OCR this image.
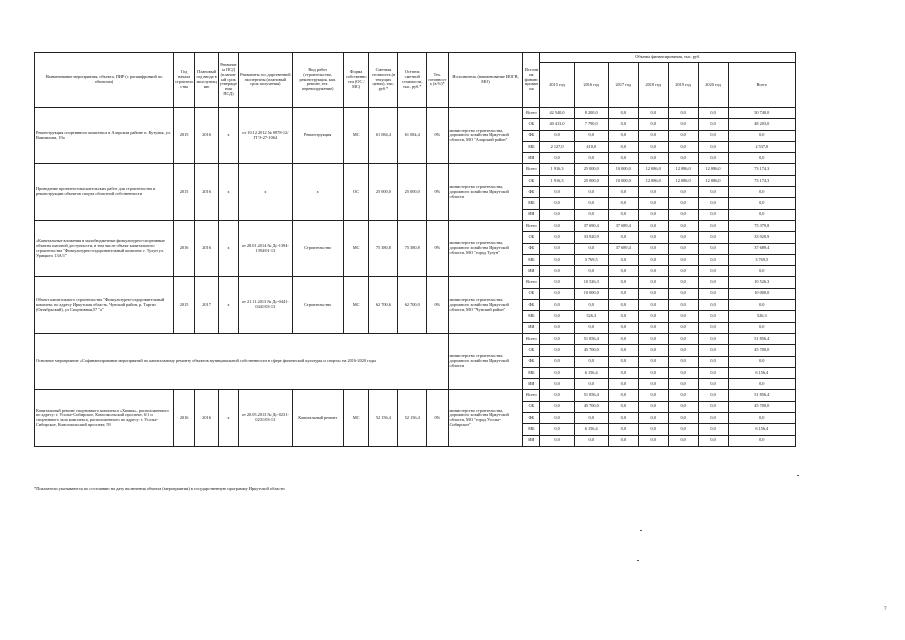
Наименование мероприятия, объекта, ПИР (с расшифровкой по объектам)	Год начала строительства	Плановый год ввода в эксплуатацию	Реквизиты ПСД (планов-ый срок утверждения ПСД)	Реквизиты гос.дарственной экспертизы (плановый срок получения)	Вид работ (строительство, реконструкция, кап. ремонт, тех. перевооружение)	Форма собственности (ОС / МС)	Сметная стоимость (в текущих ценах), тыс. руб.*	Остаток сметной стоимости, тыс. руб.*	Тех. готовность (в %)*	Исполнитель (наименование ИОГВ, МО)	Источник финансирования	Объемы финансирования, тыс. руб.						
												2015 год	2016 год	2017 год	2018 год	2019 год	2020 год	Всего
Реконструкция спортивного комплекса в Аларском районе п. Кутулик, ул. Вампилова, 19а	2015	2016	x	от 10.12.2012 № 0878-12/ГГЭ-27-1064	Реконструкция	МС	61 084,4	61 084,4	0%	министерство строительства, дорожного хозяйства Иркутской области, МО "Аларский район"	Всего	42 540,0	8 200,0	0,0	0,0	0,0	0,0	50 740,0
											ОБ	40 413,0	7 790,0	0,0	0,0	0,0	0,0	48 203,0
											ФБ	0,0	0,0	0,0	0,0	0,0	0,0	0,0
											МБ	2 127,0	410,0	0,0	0,0	0,0	0,0	2 537,0
											ИИ	0,0	0,0	0,0	0,0	0,0	0,0	0,0
Проведение проектно-изыскательских работ для строительства и реконструкции объектов спорта областной собственности	2015	2016	x	x	x	ОС	25 000,0	25 000,0	0%	министерство строительства, дорожного хозяйства Иркутской области	Всего	1 916,3	25 000,0	10 000,0	12 086,0	12 086,0	12 086,0	73 174,3
											ОБ	1 916,3	25 000,0	10 000,0	12 086,0	12 086,0	12 086,0	73 174,3
											ФБ	0,0	0,0	0,0	0,0	0,0	0,0	0,0
											МБ	0,0	0,0	0,0	0,0	0,0	0,0	0,0
											ИИ	0,0	0,0	0,0	0,0	0,0	0,0	0,0
«Капитальные вложения в малобюджетные физкультурно-спортивные объекты шаговой доступности, в том числе объект капитального строительства "Физкультурно-оздоровительный комплекс г. Тулун ул. Урицкого 13А/1"	2016	2016	x	от 28.01.2014 № Дс-1394-1394/01-13	Строительство	МС	75 380,8	75 380,8	0%	министерство строительства, дорожного хозяйства Иркутской области, МО "город Тулун"	Всего	0,0	37 690,4	37 689,4	0,0	0,0	0,0	75 379,8
											ОБ	0,0	33 920,9	0,0	0,0	0,0	0,0	33 920,9
											ФБ	0,0	0,0	37 689,4	0,0	0,0	0,0	37 689,4
											МБ	0,0	3 769,5	0,0	0,0	0,0	0,0	3 769,5
											ИИ	0,0	0,0	0,0	0,0	0,0	0,0	0,0
Объект капитального строительства "Физкультурно-оздоровительный комплекс по адресу Иркутская область, Чунский район, р. Таргиз (Октябрьский), ул Спортивная,57 "а"	2015	2017	x	от 21.11.2013 № Дс-0441-0441/03-13	Строительство	МС	62 700,6	62 700,0	0%	министерство строительства, дорожного хозяйства Иркутской области, МО "Чунский район"	Всего	0,0	10 526,3	0,0	0,0	0,0	0,0	10 526,3
											ОБ	0,0	10 000,0	0,0	0,0	0,0	0,0	10 000,0
											ФБ	0,0	0,0	0,0	0,0	0,0	0,0	0,0
											МБ	0,0	526,3	0,0	0,0	0,0	0,0	526,3
											ИИ	0,0	0,0	0,0	0,0	0,0	0,0	0,0
Основное мероприятие «Софинансирование мероприятий по капитальному ремонту объектов муниципальной собственности в сфере физической культуры и спорта» на 2016-2020 годы										министерство строительства, дорожного хозяйства Иркутской области	Всего	0,0	51 856,4	0,0	0,0	0,0	0,0	51 856,4
											ОБ	0,0	45 700,0	0,0	0,0	0,0	0,0	45 700,0
											ФБ	0,0	0,0	0,0	0,0	0,0	0,0	0,0
											МБ	0,0	6 156,4	0,0	0,0	0,0	0,0	6 156,4
											ИИ	0,0	0,0	0,0	0,0	0,0	0,0	0,0
Капитальный ремонт спортивного комплекса «Химик», расположенного по адресу: г. Усолье-Сибирское, Комсомольский проспект, 6/1 и спортивного зала комплекса, расположенного по адресу: г. Усолье-Сибирское, Комсомольский проспект, 59	2016	2016	x	от 20.05.2013 № Дс-0231-0231/03-13	Капитальный ремонт	МС	52 156,4	52 156,4	0%	министерство строительства, дорожного хозяйства Иркутской области, МО "город Усолье-Сибирское"	Всего	0,0	51 856,4	0,0	0,0	0,0	0,0	51 856,4
											ОБ	0,0	45 700,0	0,0	0,0	0,0	0,0	45 700,0
											ФБ	0,0	0,0	0,0	0,0	0,0	0,0	0,0
											МБ	0,0	6 156,4	0,0	0,0	0,0	0,0	6 156,4
											ИИ	0,0	0,0	0,0	0,0	0,0	0,0	0,0
*Показатели указываются по состоянию на дату включения объекта (мероприятия) в государственную программу Иркутской области
7
